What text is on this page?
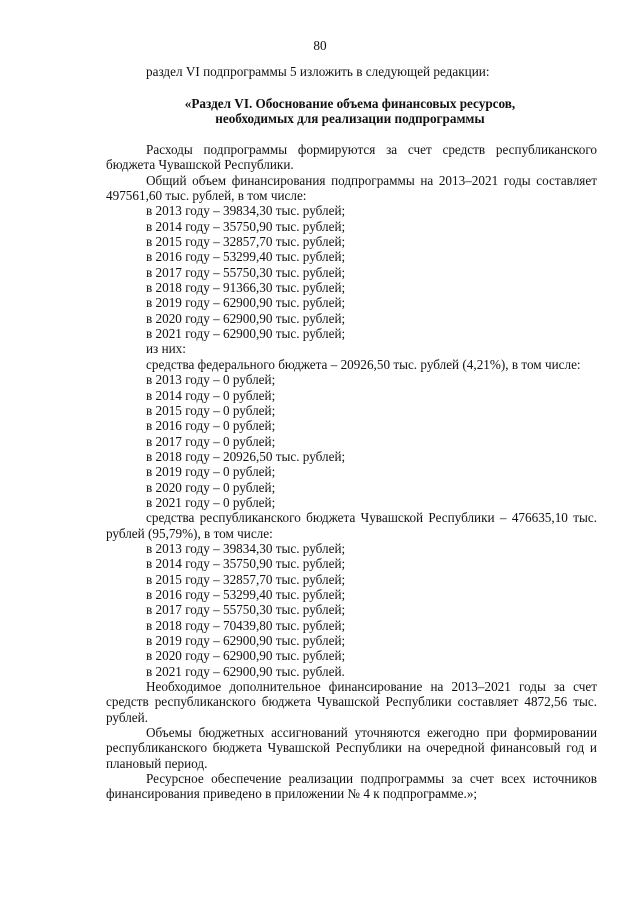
80
раздел VI подпрограммы 5 изложить в следующей редакции:
«Раздел VI. Обоснование объема финансовых ресурсов,
необходимых для реализации подпрограммы

Расходы подпрограммы формируются за счет средств республиканского бюджета Чувашской Республики.

Общий объем финансирования подпрограммы на 2013–2021 годы составляет 497561,60 тыс. рублей, в том числе:

в 2013 году – 39834,30 тыс. рублей;
в 2014 году – 35750,90 тыс. рублей;
в 2015 году – 32857,70 тыс. рублей;
в 2016 году – 53299,40 тыс. рублей;
в 2017 году – 55750,30 тыс. рублей;
в 2018 году – 91366,30 тыс. рублей;
в 2019 году – 62900,90 тыс. рублей;
в 2020 году – 62900,90 тыс. рублей;
в 2021 году – 62900,90 тыс. рублей;
из них:

средства федерального бюджета – 20926,50 тыс. рублей (4,21%), в том числе:

в 2013 году – 0 рублей;
в 2014 году – 0 рублей;
в 2015 году – 0 рублей;
в 2016 году – 0 рублей;
в 2017 году – 0 рублей;
в 2018 году – 20926,50 тыс. рублей;
в 2019 году – 0 рублей;
в 2020 году – 0 рублей;
в 2021 году – 0 рублей;

средства республиканского бюджета Чувашской Республики – 476635,10 тыс. рублей (95,79%), в том числе:

в 2013 году – 39834,30 тыс. рублей;
в 2014 году – 35750,90 тыс. рублей;
в 2015 году – 32857,70 тыс. рублей;
в 2016 году – 53299,40 тыс. рублей;
в 2017 году – 55750,30 тыс. рублей;
в 2018 году – 70439,80 тыс. рублей;
в 2019 году – 62900,90 тыс. рублей;
в 2020 году – 62900,90 тыс. рублей;
в 2021 году – 62900,90 тыс. рублей.

Необходимое дополнительное финансирование на 2013–2021 годы за счет средств республиканского бюджета Чувашской Республики составляет 4872,56 тыс. рублей.

Объемы бюджетных ассигнований уточняются ежегодно при формировании республиканского бюджета Чувашской Республики на очередной финансовый год и плановый период.

Ресурсное обеспечение реализации подпрограммы за счет всех источников финансирования приведено в приложении № 4 к подпрограмме.»;
